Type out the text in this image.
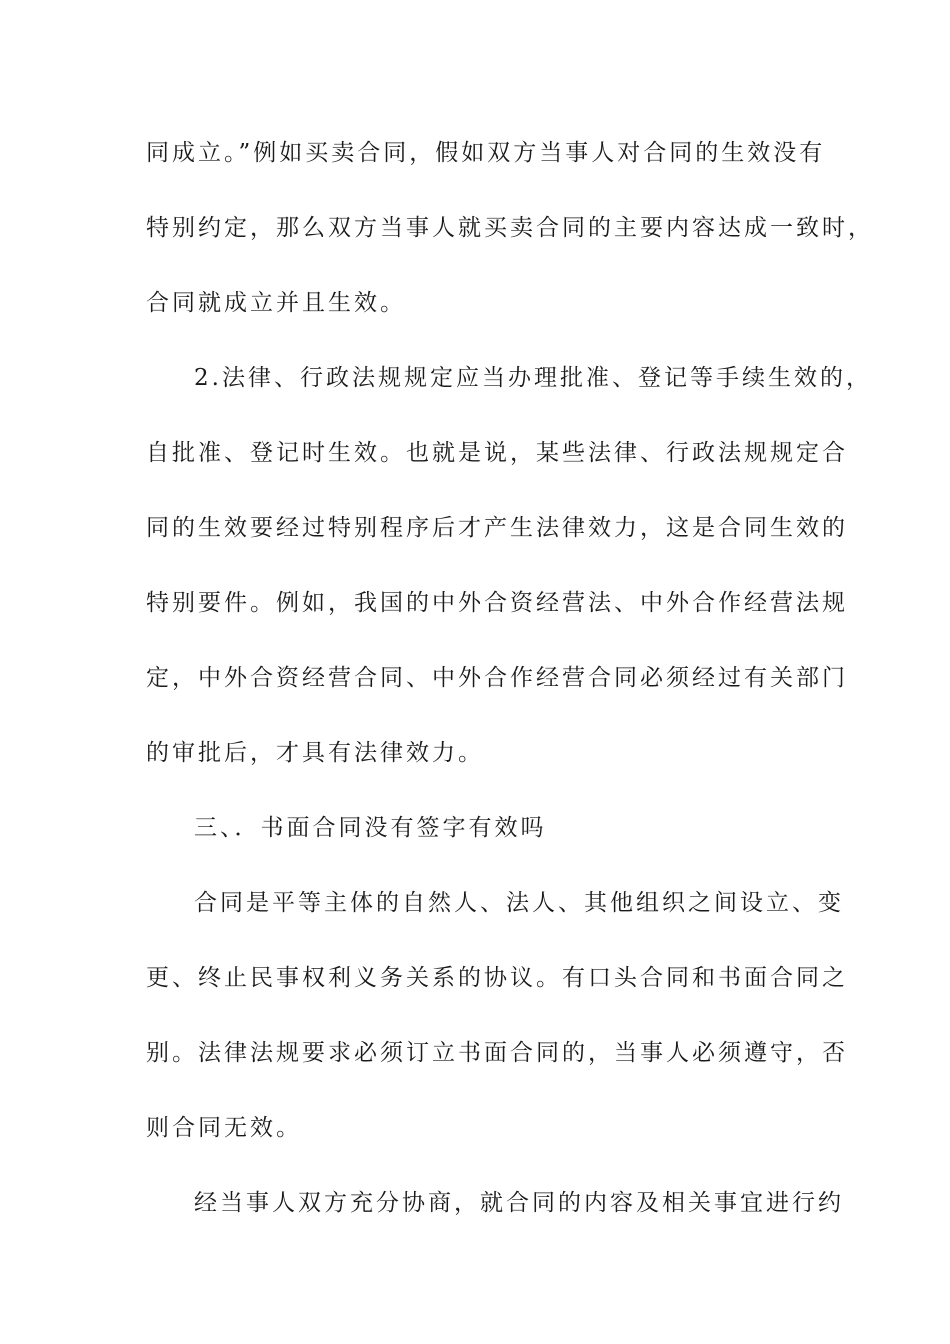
同成立。”例如买卖合同，假如双方当事人对合同的生效没有
特别约定，那么双方当事人就买卖合同的主要内容达成一致时，
合同就成立并且生效。
2.法律、行政法规规定应当办理批准、登记等手续生效的，
自批准、登记时生效。也就是说，某些法律、行政法规规定合
同的生效要经过特别程序后才产生法律效力，这是合同生效的
特别要件。例如，我国的中外合资经营法、中外合作经营法规
定，中外合资经营合同、中外合作经营合同必须经过有关部门
的审批后，才具有法律效力。
三、．书面合同没有签字有效吗
合同是平等主体的自然人、法人、其他组织之间设立、变
更、终止民事权利义务关系的协议。有口头合同和书面合同之
别。法律法规要求必须订立书面合同的，当事人必须遵守，否
则合同无效。
经当事人双方充分协商，就合同的内容及相关事宜进行约
